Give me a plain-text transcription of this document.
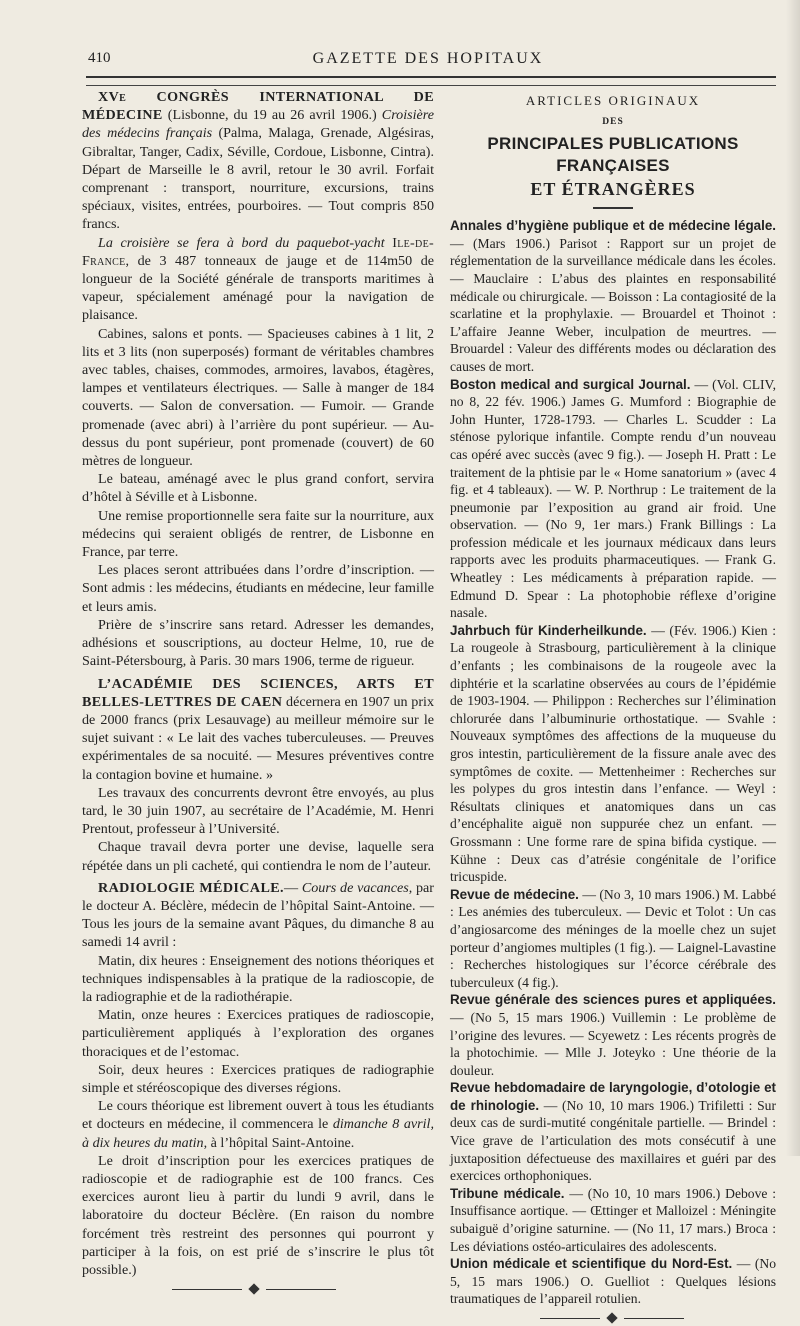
410	GAZETTE DES HOPITAUX

XVe CONGRÈS INTERNATIONAL DE MÉDECINE (Lisbonne, du 19 au 26 avril 1906.) Croisière des médecins français (Palma, Malaga, Grenade, Algésiras, Gibraltar, Tanger, Cadix, Séville, Cordoue, Lisbonne, Cintra). Départ de Marseille le 8 avril, retour le 30 avril. Forfait comprenant : transport, nourriture, excursions, trains spéciaux, visites, entrées, pourboires. — Tout compris 850 francs.

La croisière se fera à bord du paquebot-yacht Ile-de-France, de 3 487 tonneaux de jauge et de 114m50 de longueur de la Société générale de transports maritimes à vapeur, spécialement aménagé pour la navigation de plaisance.

Cabines, salons et ponts. — Spacieuses cabines à 1 lit, 2 lits et 3 lits (non superposés) formant de véritables chambres avec tables, chaises, commodes, armoires, lavabos, étagères, lampes et ventilateurs électriques. — Salle à manger de 184 couverts. — Salon de conversation. — Fumoir. — Grande promenade (avec abri) à l’arrière du pont supérieur. — Au-dessus du pont supérieur, pont promenade (couvert) de 60 mètres de longueur.

Le bateau, aménagé avec le plus grand confort, servira d’hôtel à Séville et à Lisbonne.

Une remise proportionnelle sera faite sur la nourriture, aux médecins qui seraient obligés de rentrer, de Lisbonne en France, par terre.

Les places seront attribuées dans l’ordre d’inscription. — Sont admis : les médecins, étudiants en médecine, leur famille et leurs amis.

Prière de s’inscrire sans retard. Adresser les demandes, adhésions et souscriptions, au docteur Helme, 10, rue de Saint-Pétersbourg, à Paris. 30 mars 1906, terme de rigueur.

L’ACADÉMIE DES SCIENCES, ARTS ET BELLES-LETTRES DE CAEN décernera en 1907 un prix de 2000 francs (prix Lesauvage) au meilleur mémoire sur le sujet suivant : « Le lait des vaches tuberculeuses. — Preuves expérimentales de sa nocuité. — Mesures préventives contre la contagion bovine et humaine. »

Les travaux des concurrents devront être envoyés, au plus tard, le 30 juin 1907, au secrétaire de l’Académie, M. Henri Prentout, professeur à l’Université.

Chaque travail devra porter une devise, laquelle sera répétée dans un pli cacheté, qui contiendra le nom de l’auteur.

RADIOLOGIE MÉDICALE.— Cours de vacances, par le docteur A. Béclère, médecin de l’hôpital Saint-Antoine. — Tous les jours de la semaine avant Pâques, du dimanche 8 au samedi 14 avril :

Matin, dix heures : Enseignement des notions théoriques et techniques indispensables à la pratique de la radioscopie, de la radiographie et de la radiothérapie.

Matin, onze heures : Exercices pratiques de radioscopie, particulièrement appliqués à l’exploration des organes thoraciques et de l’estomac.

Soir, deux heures : Exercices pratiques de radiographie simple et stéréoscopique des diverses régions.

Le cours théorique est librement ouvert à tous les étudiants et docteurs en médecine, il commencera le dimanche 8 avril, à dix heures du matin, à l’hôpital Saint-Antoine.

Le droit d’inscription pour les exercices pratiques de radioscopie et de radiographie est de 100 francs. Ces exercices auront lieu à partir du lundi 9 avril, dans le laboratoire du docteur Béclère. (En raison du nombre forcément très restreint des personnes qui pourront y participer à la fois, on est prié de s’inscrire le plus tôt possible.)

ARTICLES ORIGINAUX
DES
PRINCIPALES PUBLICATIONS FRANÇAISES
ET ÉTRANGÈRES

Annales d’hygiène publique et de médecine légale. — (Mars 1906.) Parisot : Rapport sur un projet de réglementation de la surveillance médicale dans les écoles. — Mauclaire : L’abus des plaintes en responsabilité médicale ou chirurgicale. — Boisson : La contagiosité de la scarlatine et la prophylaxie. — Brouardel et Thoinot : L’affaire Jeanne Weber, inculpation de meurtres. — Brouardel : Valeur des différents modes ou déclaration des causes de mort.

Boston medical and surgical Journal. — (Vol. CLIV, no 8, 22 fév. 1906.) James G. Mumford : Biographie de John Hunter, 1728-1793. — Charles L. Scudder : La sténose pylorique infantile. Compte rendu d’un nouveau cas opéré avec succès (avec 9 fig.). — Joseph H. Pratt : Le traitement de la phtisie par le « Home sanatorium » (avec 4 fig. et 4 tableaux). — W. P. Northrup : Le traitement de la pneumonie par l’exposition au grand air froid. Une observation. — (No 9, 1er mars.) Frank Billings : La profession médicale et les journaux médicaux dans leurs rapports avec les produits pharmaceutiques. — Frank G. Wheatley : Les médicaments à préparation rapide. — Edmund D. Spear : La photophobie réflexe d’origine nasale.

Jahrbuch für Kinderheilkunde. — (Fév. 1906.) Kien : La rougeole à Strasbourg, particulièrement à la clinique d’enfants ; les combinaisons de la rougeole avec la diphtérie et la scarlatine observées au cours de l’épidémie de 1903-1904. — Philippon : Recherches sur l’élimination chlorurée dans l’albuminurie orthostatique. — Svahle : Nouveaux symptômes des affections de la muqueuse du gros intestin, particulièrement de la fissure anale avec des symptômes de coxite. — Mettenheimer : Recherches sur les polypes du gros intestin dans l’enfance. — Weyl : Résultats cliniques et anatomiques dans un cas d’encéphalite aiguë non suppurée chez un enfant. — Grossmann : Une forme rare de spina bifida cystique. — Kühne : Deux cas d’atrésie congénitale de l’orifice tricuspide.

Revue de médecine. — (No 3, 10 mars 1906.) M. Labbé : Les anémies des tuberculeux. — Devic et Tolot : Un cas d’angiosarcome des méninges de la moelle chez un sujet porteur d’angiomes multiples (1 fig.). — Laignel-Lavastine : Recherches histologiques sur l’écorce cérébrale des tuberculeux (4 fig.).

Revue générale des sciences pures et appliquées. — (No 5, 15 mars 1906.) Vuillemin : Le problème de l’origine des levures. — Scyewetz : Les récents progrès de la photochimie. — Mlle J. Joteyko : Une théorie de la douleur.

Revue hebdomadaire de laryngologie, d’otologie et de rhinologie. — (No 10, 10 mars 1906.) Trifiletti : Sur deux cas de surdi-mutité congénitale partielle. — Brindel : Vice grave de l’articulation des mots consécutif à une juxtaposition défectueuse des maxillaires et guéri par des exercices orthophoniques.

Tribune médicale. — (No 10, 10 mars 1906.) Debove : Insuffisance aortique. — Œttinger et Malloizel : Méningite subaiguë d’origine saturnine. — (No 11, 17 mars.) Broca : Les déviations ostéo-articulaires des adolescents.

Union médicale et scientifique du Nord-Est. — (No 5, 15 mars 1906.) O. Guelliot : Quelques lésions traumatiques de l’appareil rotulien.
